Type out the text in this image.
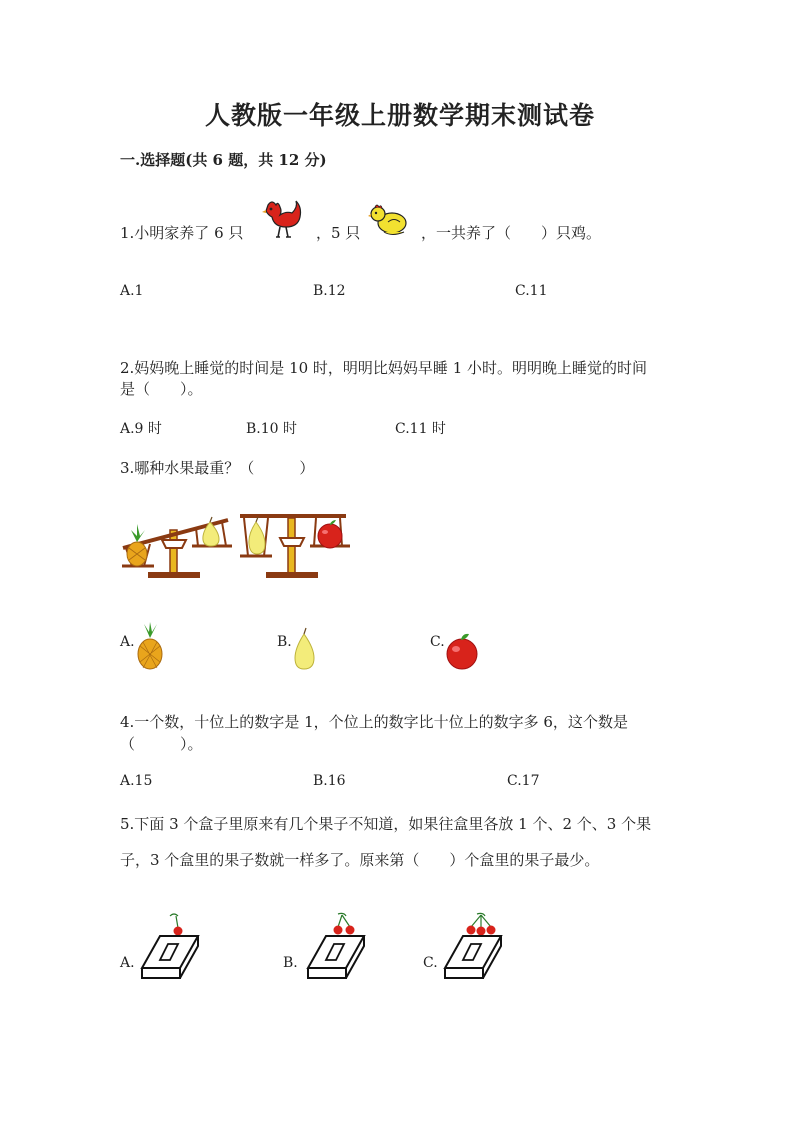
人教版一年级上册数学期末测试卷
一.选择题(共 6 题，共 12 分)
1.小明家养了 6 只	，5 只	，一共养了（　　）只鸡。
A.1	B.12	C.11
2.妈妈晚上睡觉的时间是 10 时，明明比妈妈早睡 1 小时。明明晚上睡觉的时间
是（　　）。
A.9 时	B.10 时	C.11 时
3.哪种水果最重？（　　　）
A.	B.	C.
4.一个数，十位上的数字是 1，个位上的数字比十位上的数字多 6，这个数是
（　　　）。
A.15	B.16	C.17
5.下面 3 个盒子里原来有几个果子不知道，如果往盒里各放 1 个、2 个、3 个果
子，3 个盒里的果子数就一样多了。原来第（　　）个盒里的果子最少。
A.	B.	C.
